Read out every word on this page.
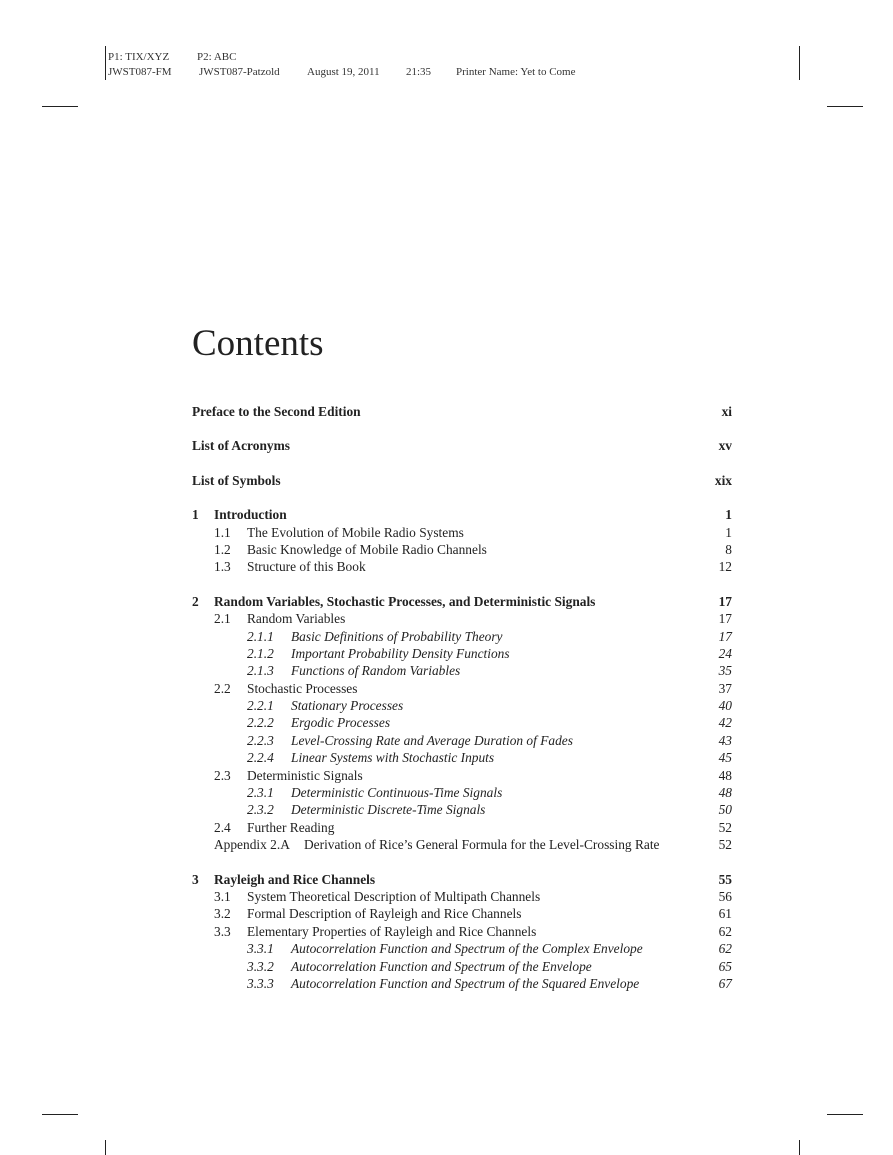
P1: TIX/XYZ	P2: ABC
JWST087-FM JWST087-Patzold August 19, 2011 21:35 Printer Name: Yet to Come
Contents
Preface to the Second Edition	xi
List of Acronyms	xv
List of Symbols	xix
1	Introduction	1
1.1	The Evolution of Mobile Radio Systems	1
1.2	Basic Knowledge of Mobile Radio Channels	8
1.3	Structure of this Book	12
2	Random Variables, Stochastic Processes, and Deterministic Signals	17
2.1	Random Variables	17
2.1.1	Basic Definitions of Probability Theory	17
2.1.2	Important Probability Density Functions	24
2.1.3	Functions of Random Variables	35
2.2	Stochastic Processes	37
2.2.1	Stationary Processes	40
2.2.2	Ergodic Processes	42
2.2.3	Level-Crossing Rate and Average Duration of Fades	43
2.2.4	Linear Systems with Stochastic Inputs	45
2.3	Deterministic Signals	48
2.3.1	Deterministic Continuous-Time Signals	48
2.3.2	Deterministic Discrete-Time Signals	50
2.4	Further Reading	52
Appendix 2.A	Derivation of Rice’s General Formula for the Level-Crossing Rate	52
3	Rayleigh and Rice Channels	55
3.1	System Theoretical Description of Multipath Channels	56
3.2	Formal Description of Rayleigh and Rice Channels	61
3.3	Elementary Properties of Rayleigh and Rice Channels	62
3.3.1	Autocorrelation Function and Spectrum of the Complex Envelope	62
3.3.2	Autocorrelation Function and Spectrum of the Envelope	65
3.3.3	Autocorrelation Function and Spectrum of the Squared Envelope	67
